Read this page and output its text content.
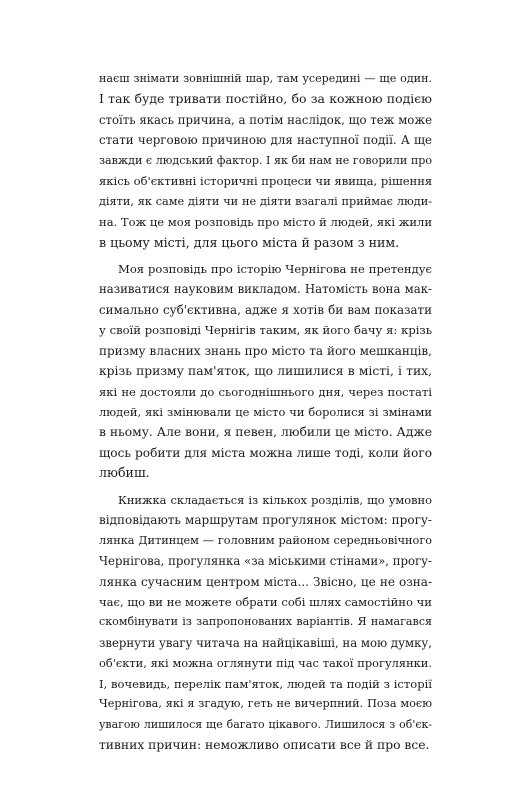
наєш знімати зовнішній шар, там усередині — ще один.
І так буде тривати постійно, бо за кожною подією
стоїть якась причина, а потім наслідок, що теж може
стати черговою причиною для наступної події. А ще
завжди є людський фактор. І як би нам не говорили про
якісь об'єктивні історичні процеси чи явища, рішення
діяти, як саме діяти чи не діяти взагалі приймає люди-
на. Тож це моя розповідь про місто й людей, які жили
в цьому місті, для цього міста й разом з ним.
Моя розповідь про історію Чернігова не претендує
називатися науковим викладом. Натомість вона мак-
симально суб'єктивна, адже я хотів би вам показати
у своїй розповіді Чернігів таким, як його бачу я: крізь
призму власних знань про місто та його мешканців,
крізь призму пам'яток, що лишилися в місті, і тих,
які не достояли до сьогоднішнього дня, через постаті
людей, які змінювали це місто чи боролися зі змінами
в ньому. Але вони, я певен, любили це місто. Адже
щось робити для міста можна лише тоді, коли його
любиш.
Книжка складається із кількох розділів, що умовно
відповідають маршрутам прогулянок містом: прогу-
лянка Дитинцем — головним районом середньовічного
Чернігова, прогулянка «за міськими стінами», прогу-
лянка сучасним центром міста... Звісно, це не озна-
чає, що ви не можете обрати собі шлях самостійно чи
скомбінувати із запропонованих варіантів. Я намагався
звернути увагу читача на найцікавіші, на мою думку,
об'єкти, які можна оглянути під час такої прогулянки.
І, вочевидь, перелік пам'яток, людей та подій з історії
Чернігова, які я згадую, геть не вичерпний. Поза моєю
увагою лишилося ще багато цікавого. Лишилося з об'єк-
тивних причин: неможливо описати все й про все.
